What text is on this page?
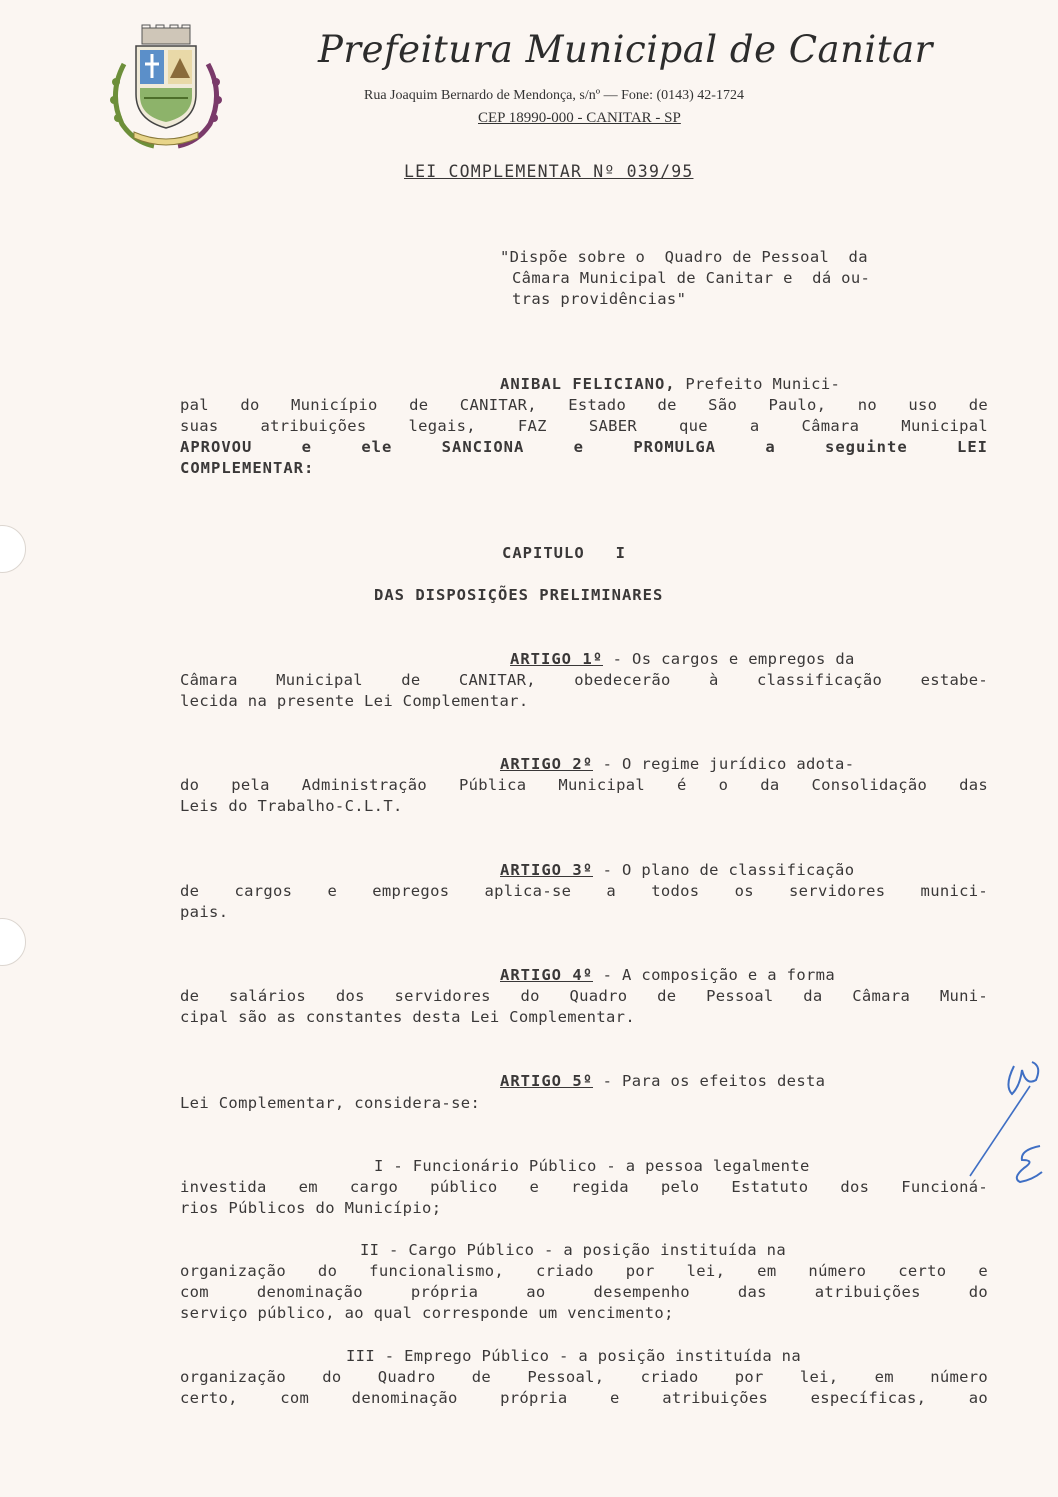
Prefeitura Municipal de Canitar
Rua Joaquim Bernardo de Mendonça, s/nº — Fone: (0143) 42-1724
CEP 18990-000 - CANITAR - SP
LEI COMPLEMENTAR Nº 039/95
"Dispõe sobre o  Quadro de Pessoal  da
Câmara Municipal de Canitar e  dá ou-
tras providências"
ANIBAL FELICIANO, Prefeito Munici-
pal do Município de CANITAR, Estado de São Paulo, no uso de
suas atribuições legais, FAZ SABER que a Câmara Municipal
APROVOU e ele SANCIONA e PROMULGA a seguinte LEI
COMPLEMENTAR:
CAPITULO   I
DAS DISPOSIÇÕES PRELIMINARES
ARTIGO 1º - Os cargos e empregos da
Câmara Municipal de CANITAR, obedecerão à classificação estabe-
lecida na presente Lei Complementar.
ARTIGO 2º - O regime jurídico adota-
do pela Administração Pública Municipal é o da Consolidação das
Leis do Trabalho-C.L.T.
ARTIGO 3º - O plano de classificação
de cargos e empregos aplica-se a todos os servidores munici-
pais.
ARTIGO 4º - A composição e a forma
de salários dos servidores do Quadro de Pessoal da Câmara Muni-
cipal são as constantes desta Lei Complementar.
ARTIGO 5º - Para os efeitos desta
Lei Complementar, considera-se:
I - Funcionário Público - a pessoa legalmente
investida em cargo público e regida pelo Estatuto dos Funcioná-
rios Públicos do Município;
II - Cargo Público - a posição instituída na
organização do funcionalismo, criado por lei, em número certo e
com denominação própria ao desempenho das atribuições do
serviço público, ao qual corresponde um vencimento;
III - Emprego Público - a posição instituída na
organização do Quadro de Pessoal, criado por lei, em número
certo, com denominação própria e atribuições específicas, ao
